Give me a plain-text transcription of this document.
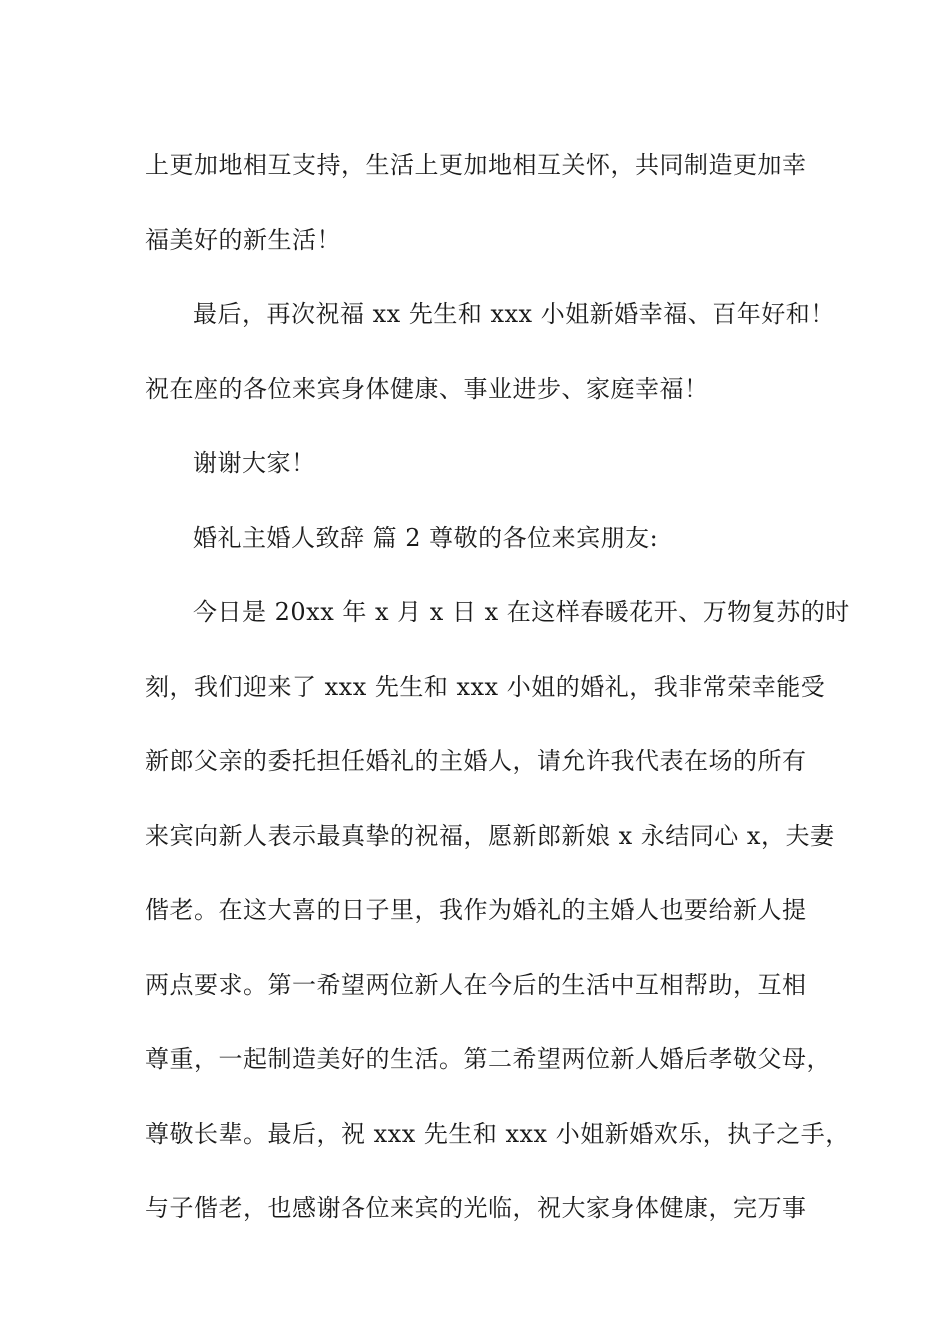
上更加地相互支持，生活上更加地相互关怀，共同制造更加幸
福美好的新生活！
最后，再次祝福 xx 先生和 xxx 小姐新婚幸福、百年好和！
祝在座的各位来宾身体健康、事业进步、家庭幸福！
谢谢大家！
婚礼主婚人致辞 篇 2 尊敬的各位来宾朋友:
今日是 20xx 年 x 月 x 日 x 在这样春暖花开、万物复苏的时
刻，我们迎来了 xxx 先生和 xxx 小姐的婚礼，我非常荣幸能受
新郎父亲的委托担任婚礼的主婚人，请允许我代表在场的所有
来宾向新人表示最真挚的祝福，愿新郎新娘 x 永结同心 x，夫妻
偕老。在这大喜的日子里，我作为婚礼的主婚人也要给新人提
两点要求。第一希望两位新人在今后的生活中互相帮助，互相
尊重，一起制造美好的生活。第二希望两位新人婚后孝敬父母，
尊敬长辈。最后，祝 xxx 先生和 xxx 小姐新婚欢乐，执子之手，
与子偕老，也感谢各位来宾的光临，祝大家身体健康，完万事
